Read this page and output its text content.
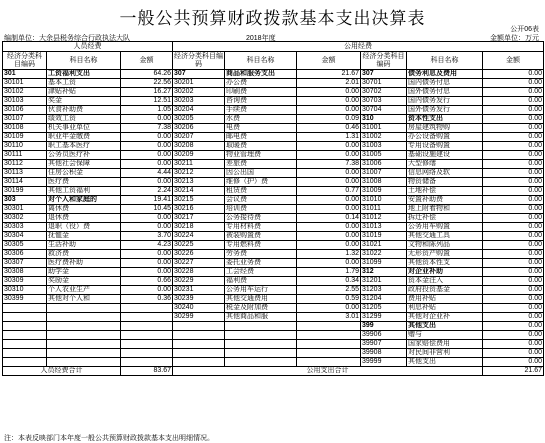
一般公共预算财政拨款基本支出决算表
公开06表
编制单位：大余县税务综合行政执法大队	2018年度	金额单位：万元
人员经费			公用经费					
经济分类科目编码	科目名称	金额	经济分类科目编码	科目名称	金额	经济分类科目编码	科目名称	金额
301	工资福利支出	64.26	307	商品和服务支出	21.67	307	债务利息及费用	0.00
30101	基本工资	22.56	30201	办公费	2.01	30701	国内债务付息	0.00
30102	津贴补贴	16.27	30202	印刷费	0.00	30702	国外债务付息	0.00
30103	奖金	12.51	30203	咨询费	0.00	30703	国内债务发行	0.00
30106	伙食补助费	1.05	30204	手续费	0.00	30704	国外债务发行	0.00
30107	绩效工资	0.00	30205	水费	0.09	310	资本性支出	0.00
30108	机关事业单位	7.38	30206	电费	0.46	31001	房屋建筑物购	0.00
30109	职业年金缴费	0.00	30207	邮电费	1.31	31002	办公设备购置	0.00
30110	职工基本医疗	0.00	30208	取暖费	0.00	31003	专用设备购置	0.00
30111	公务员医疗补	0.00	30209	物业管理费	0.00	31005	基础设施建设	0.00
30112	其他社会保障	0.00	30211	差旅费	7.38	31006	大型修缮	0.00
30113	住房公积金	4.44	30212	因公出国	0.00	31007	信息网络及软	0.00
30114	医疗费	0.00	30213	维修（护）费	0.00	31008	物资储备	0.00
30199	其他工资福利	2.24	30214	租赁费	0.77	31009	土地补偿	0.00
303	对个人和家庭的	19.41	30215	会议费	0.00	31010	安置补助费	0.00
30301	离休费	10.45	30216	培训费	0.00	31011	地上附着物和	0.00
30302	退休费	0.00	30217	公务接待费	0.14	31012	拆迁补偿	0.00
30303	退职（役）费	0.00	30218	专用材料费	0.00	31013	公务用车购置	0.00
30304	抚恤金	3.70	30224	被装购置费	0.00	31019	其他交通工具	0.00
30305	生活补助	4.23	30225	专用燃料费	0.00	31021	文物和陈列品	0.00
30306	救济费	0.00	30226	劳务费	1.32	31022	无形资产购置	0.00
30307	医疗费补助	0.00	30227	委托业务费	0.00	31099	其他资本性支	0.00
30308	助学金	0.00	30228	工会经费	1.79	312	对企业补助	0.00
30309	奖励金	0.66	30229	福利费	0.34	31201	资本金注入	0.00
30310	个人农业生产	0.00	30231	公务用车运行	2.55	31203	政府投资基金	0.00
30399	其他对个人和	0.36	30239	其他交通费用	0.59	31204	费用补贴	0.00
			30240	税金及附加费	0.00	31205	利息补贴	0.00
			30299	其他商品和服	3.01	31299	其他对企业补	0.00
						399	其他支出	0.00
						39906	赠与	0.00
						39907	国家赔偿费用	0.00
						39908	对民间非营利	0.00
						39999	其他支出	0.00
人员经费合计		83.67	公用支出合计					21.67
注：本表反映部门本年度一般公共预算财政拨款基本支出明细情况。
